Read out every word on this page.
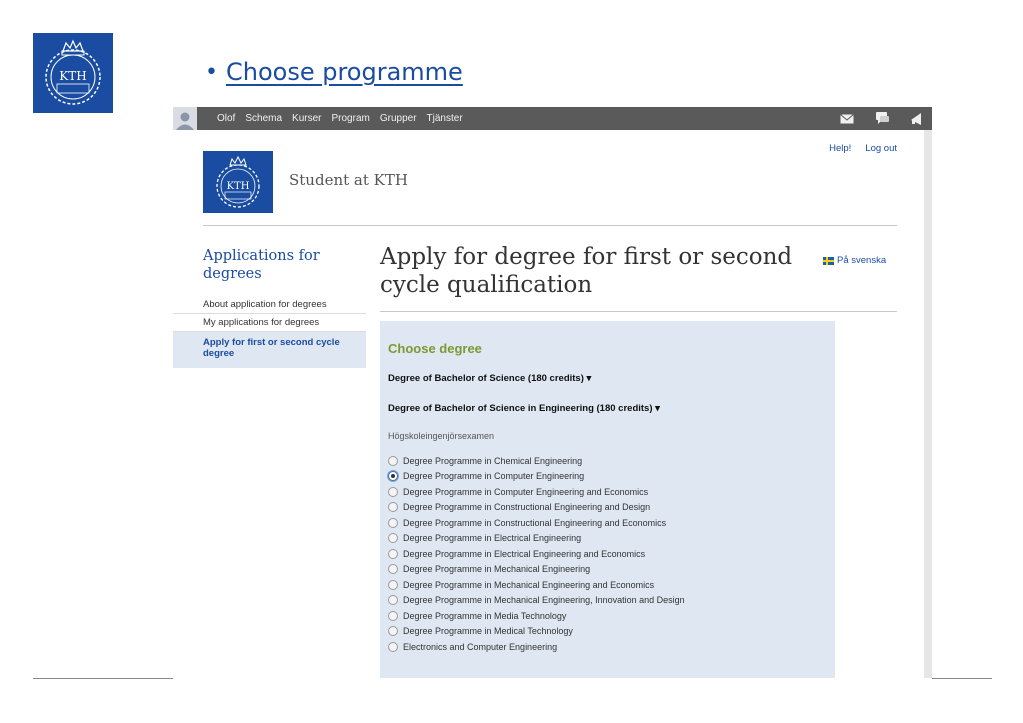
KTH	• Choose programme
Olof Schema Kurser Program Grupper Tjänster
KTH	Student at KTH
Help! Log out
Applications for degrees
About application for degrees
My applications for degrees
Apply for first or second cycle degree
Apply for degree for first or second cycle qualification
På svenska
Choose degree
Degree of Bachelor of Science (180 credits) ▾
Degree of Bachelor of Science in Engineering (180 credits) ▾
Högskoleingenjörsexamen
Degree Programme in Chemical Engineering
Degree Programme in Computer Engineering
Degree Programme in Computer Engineering and Economics
Degree Programme in Constructional Engineering and Design
Degree Programme in Constructional Engineering and Economics
Degree Programme in Electrical Engineering
Degree Programme in Electrical Engineering and Economics
Degree Programme in Mechanical Engineering
Degree Programme in Mechanical Engineering and Economics
Degree Programme in Mechanical Engineering, Innovation and Design
Degree Programme in Media Technology
Degree Programme in Medical Technology
Electronics and Computer Engineering
